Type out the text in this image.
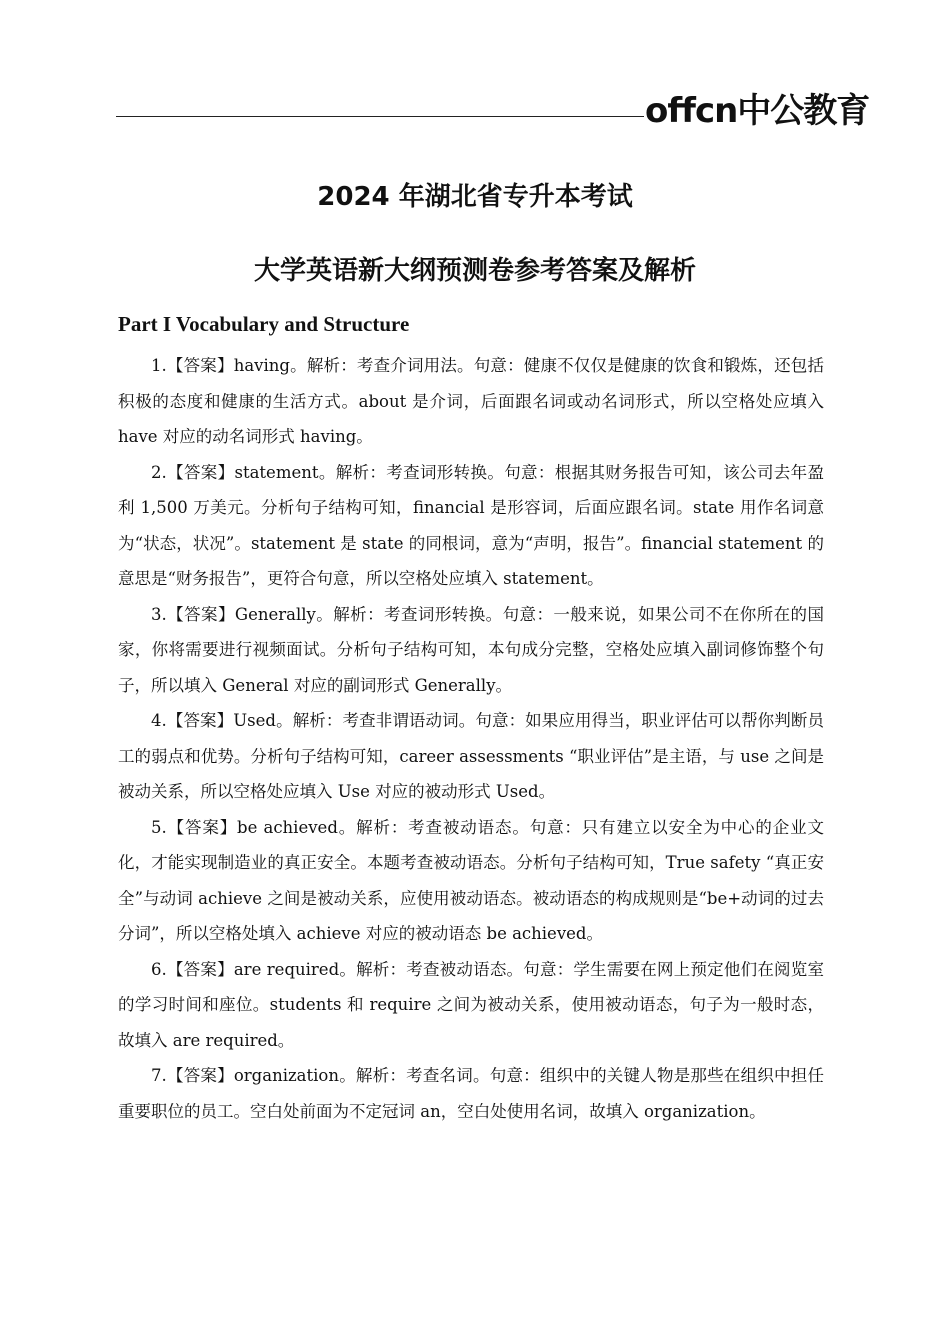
offcn中公教育
2024 年湖北省专升本考试
大学英语新大纲预测卷参考答案及解析
Part I Vocabulary and Structure

1.【答案】having。解析：考查介词用法。句意：健康不仅仅是健康的饮食和锻炼，还包括积极的态度和健康的生活方式。about 是介词，后面跟名词或动名词形式，所以空格处应填入 have 对应的动名词形式 having。

2.【答案】statement。解析：考查词形转换。句意：根据其财务报告可知，该公司去年盈利 1,500 万美元。分析句子结构可知，financial 是形容词，后面应跟名词。state 用作名词意为“状态，状况”。statement 是 state 的同根词，意为“声明，报告”。financial statement 的意思是“财务报告”，更符合句意，所以空格处应填入 statement。

3.【答案】Generally。解析：考查词形转换。句意：一般来说，如果公司不在你所在的国家，你将需要进行视频面试。分析句子结构可知，本句成分完整，空格处应填入副词修饰整个句子，所以填入 General 对应的副词形式 Generally。

4.【答案】Used。解析：考查非谓语动词。句意：如果应用得当，职业评估可以帮你判断员工的弱点和优势。分析句子结构可知，career assessments “职业评估”是主语，与 use 之间是被动关系，所以空格处应填入 Use 对应的被动形式 Used。

5.【答案】be achieved。解析：考查被动语态。句意：只有建立以安全为中心的企业文化，才能实现制造业的真正安全。本题考查被动语态。分析句子结构可知，True safety “真正安全”与动词 achieve 之间是被动关系，应使用被动语态。被动语态的构成规则是“be+动词的过去分词”，所以空格处填入 achieve 对应的被动语态 be achieved。

6.【答案】are required。解析：考查被动语态。句意：学生需要在网上预定他们在阅览室的学习时间和座位。students 和 require 之间为被动关系，使用被动语态，句子为一般时态，故填入 are required。

7.【答案】organization。解析：考查名词。句意：组织中的关键人物是那些在组织中担任重要职位的员工。空白处前面为不定冠词 an，空白处使用名词，故填入 organization。
